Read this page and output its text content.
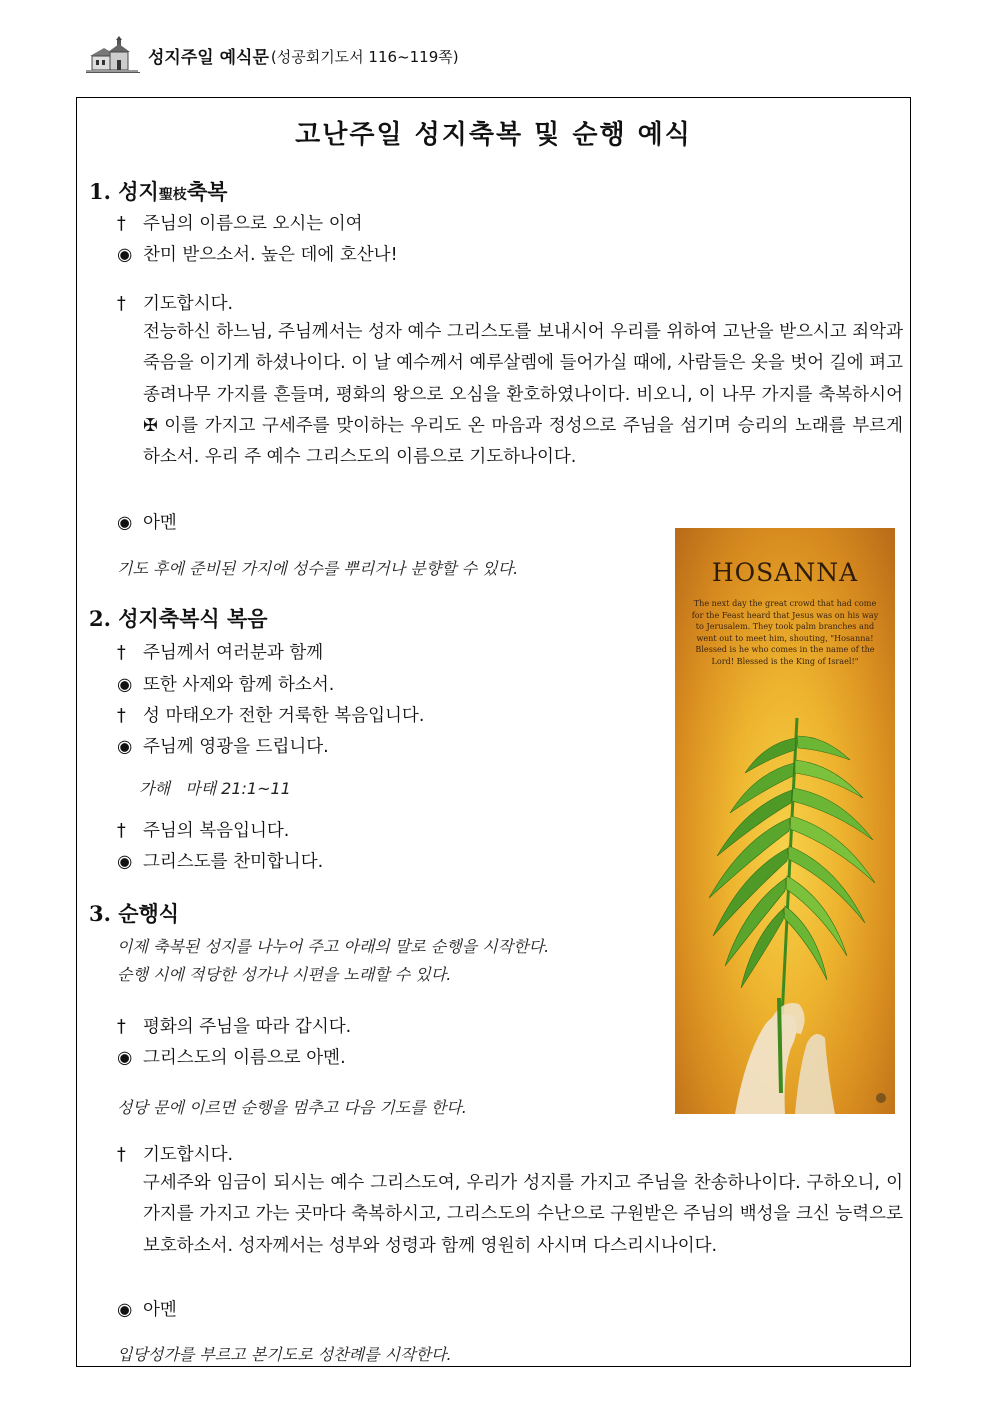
성지주일 예식문 (성공회기도서 116~119쪽)
고난주일 성지축복 및 순행 예식
1. 성지聖枝축복
† 주님의 이름으로 오시는 이여
◉ 찬미 받으소서. 높은 데에 호산나!
† 기도합시다.
전능하신 하느님, 주님께서는 성자 예수 그리스도를 보내시어 우리를 위하여 고난을 받으시고 죄악과 죽음을 이기게 하셨나이다. 이 날 예수께서 예루살렘에 들어가실 때에, 사람들은 옷을 벗어 길에 펴고 종려나무 가지를 흔들며, 평화의 왕으로 오심을 환호하였나이다. 비오니, 이 나무 가지를 축복하시어 ✠ 이를 가지고 구세주를 맞이하는 우리도 온 마음과 정성으로 주님을 섬기며 승리의 노래를 부르게 하소서. 우리 주 예수 그리스도의 이름으로 기도하나이다.
◉ 아멘
기도 후에 준비된 가지에 성수를 뿌리거나 분향할 수 있다.
2. 성지축복식 복음
† 주님께서 여러분과 함께
◉ 또한 사제와 함께 하소서.
† 성 마태오가 전한 거룩한 복음입니다.
◉ 주님께 영광을 드립니다.
가해   마태 21:1~11
† 주님의 복음입니다.
◉ 그리스도를 찬미합니다.
3. 순행식
이제 축복된 성지를 나누어 주고 아래의 말로 순행을 시작한다.
순행 시에 적당한 성가나 시편을 노래할 수 있다.
† 평화의 주님을 따라 갑시다.
◉ 그리스도의 이름으로 아멘.
성당 문에 이르면 순행을 멈추고 다음 기도를 한다.
† 기도합시다.
구세주와 임금이 되시는 예수 그리스도여, 우리가 성지를 가지고 주님을 찬송하나이다. 구하오니, 이 가지를 가지고 가는 곳마다 축복하시고, 그리스도의 수난으로 구원받은 주님의 백성을 크신 능력으로 보호하소서. 성자께서는 성부와 성령과 함께 영원히 사시며 다스리시나이다.
◉ 아멘
입당성가를 부르고 본기도로 성찬례를 시작한다.
HOSANNA
The next day the great crowd that had come for the Feast heard that Jesus was on his way to Jerusalem. They took palm branches and went out to meet him, shouting, "Hosanna! Blessed is he who comes in the name of the Lord! Blessed is the King of Israel!"
